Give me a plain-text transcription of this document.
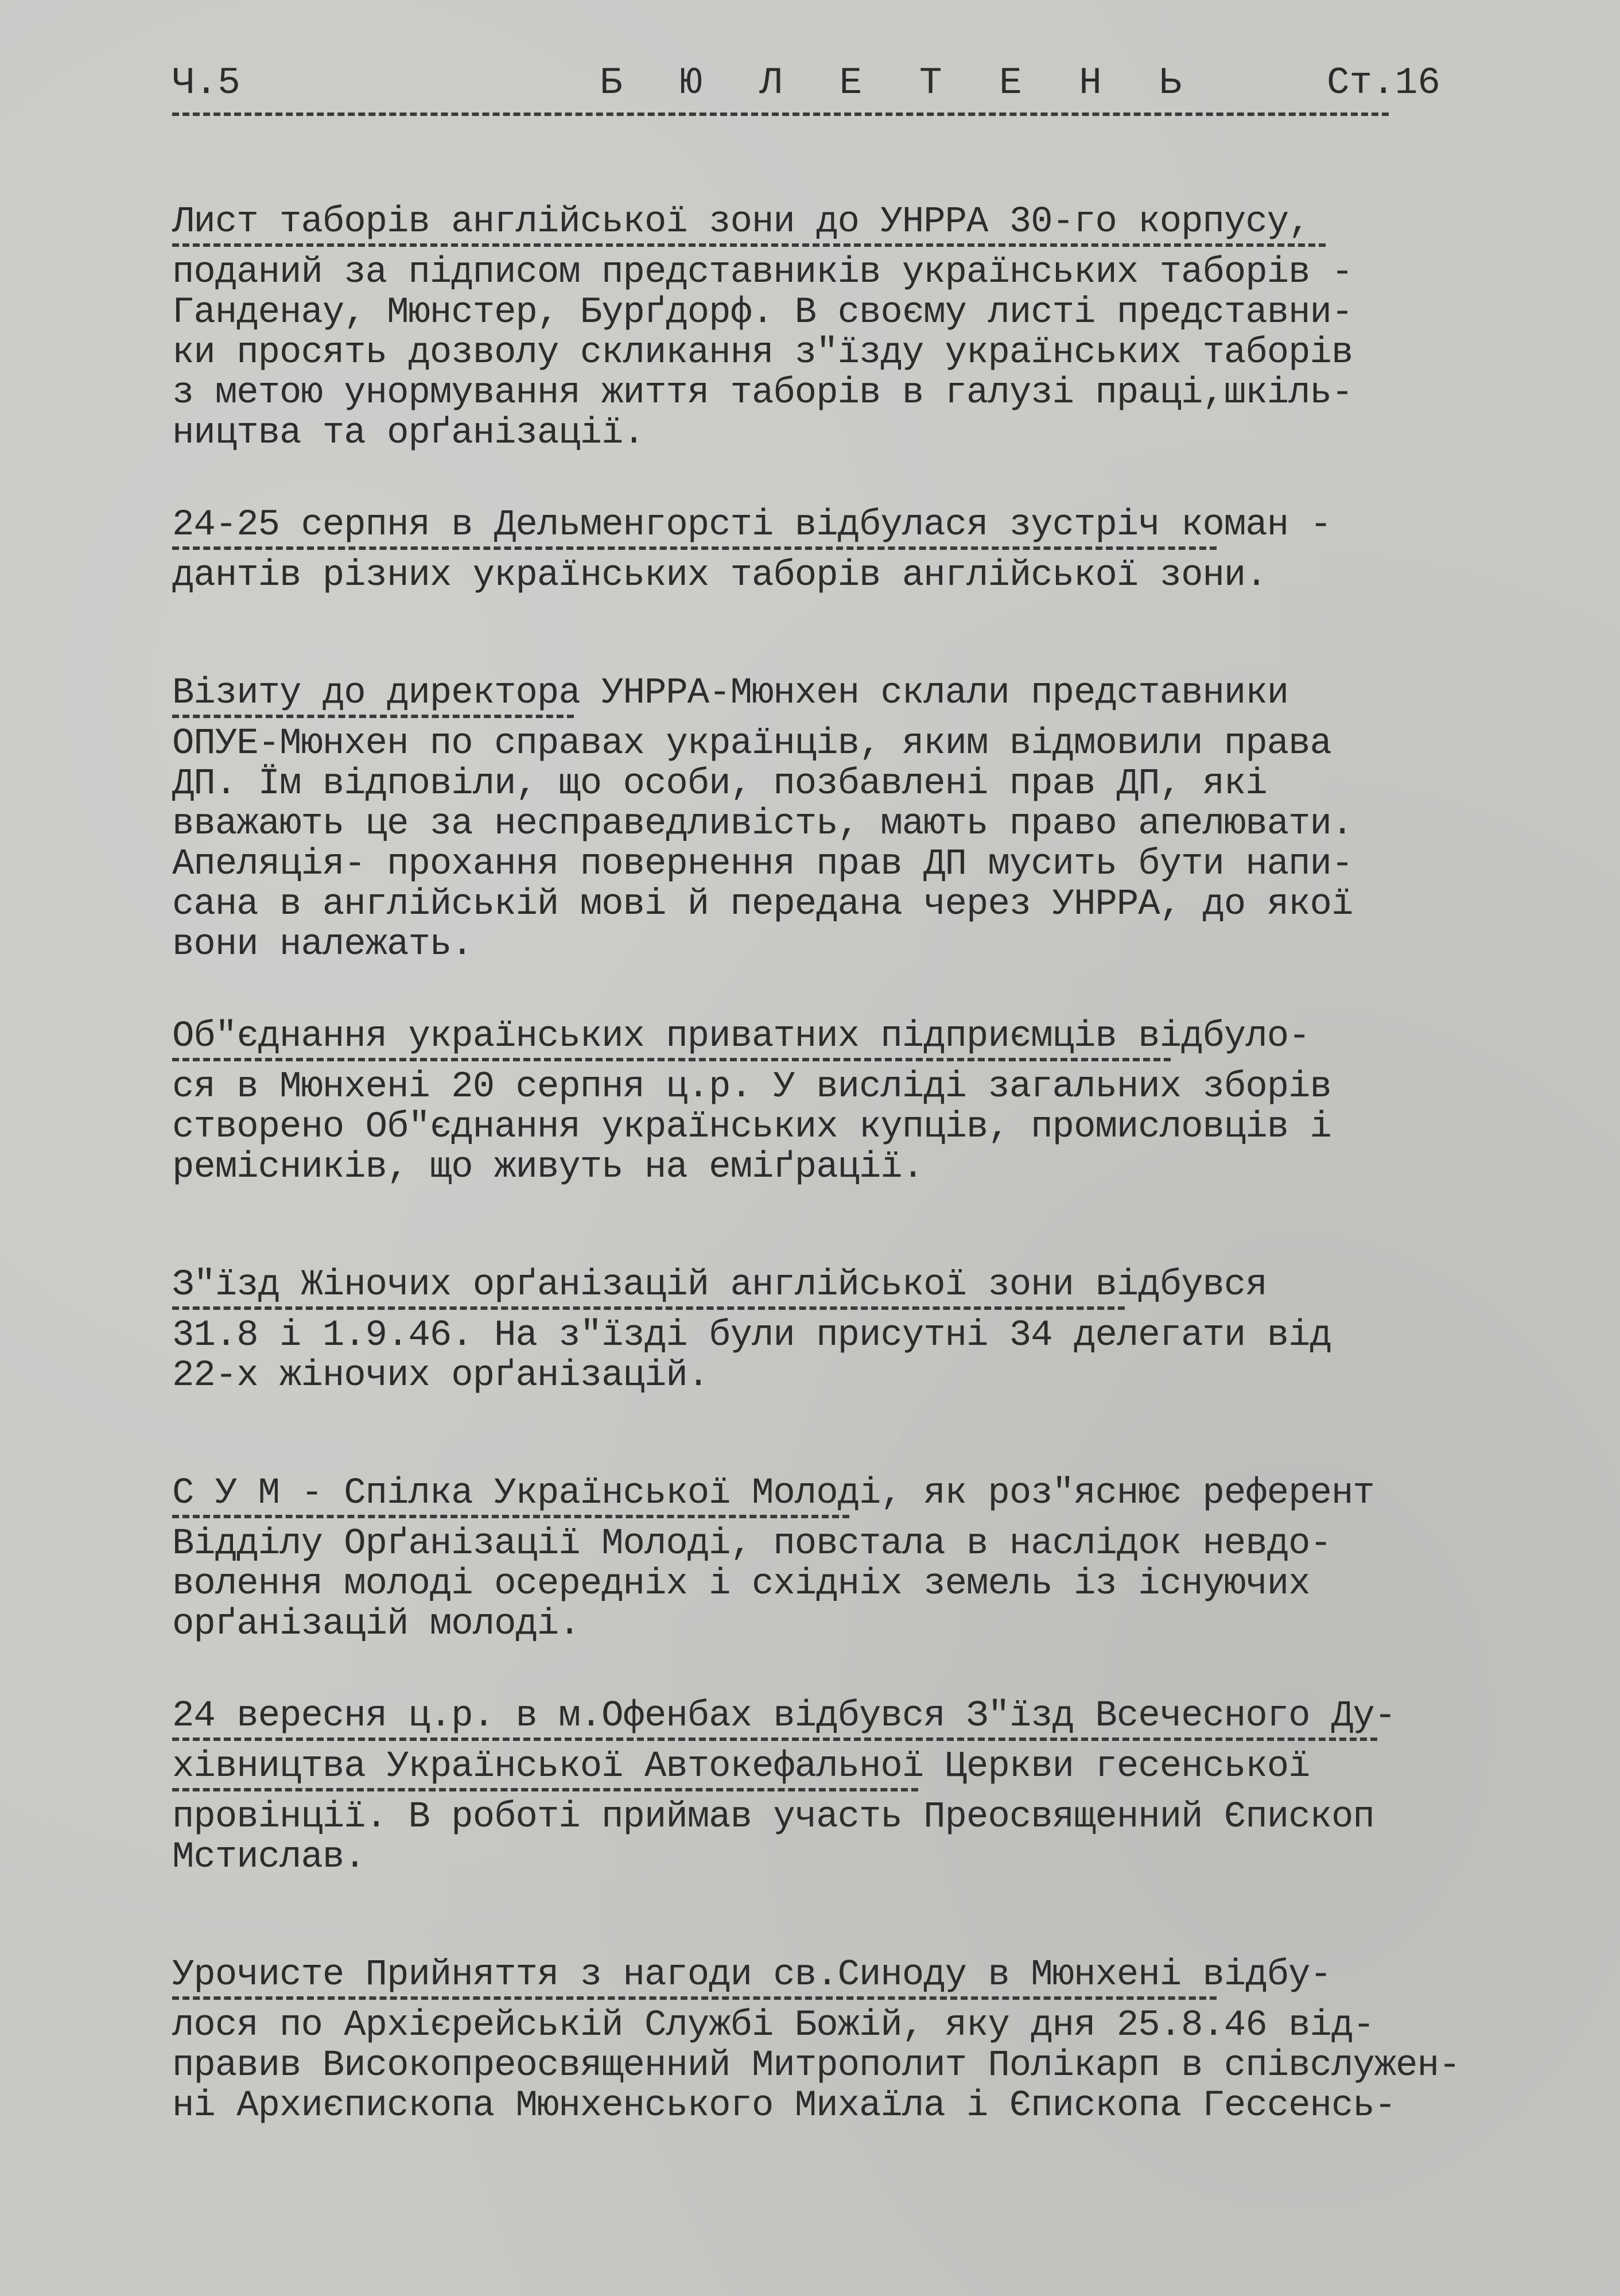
Ч.5	Б Ю Л Е Т Е Н Ь	Ст.16
Лист таборів англійської зони до УНРРА 30-го корпусу,
поданий за підписом представників українських таборів -
Ганденау, Мюнстер, Бурґдорф. В своєму листі представни-
ки просять дозволу скликання з"їзду українських таборів
з метою унормування життя таборів в галузі праці,шкіль-
ництва та орґанізації.
24-25 серпня в Дельменгорсті відбулася зустріч коман -
дантів різних українських таборів англійської зони.
Візиту до директора УНРРА-Мюнхен склали представники
ОПУЕ-Мюнхен по справах українців, яким відмовили права
ДП. Їм відповіли, що особи, позбавлені прав ДП, які
вважають це за несправедливість, мають право апелювати.
Апеляція- прохання повернення прав ДП мусить бути напи-
сана в англійській мові й передана через УНРРА, до якої
вони належать.
Об"єднання українських приватних підприємців відбуло-
ся в Мюнхені 20 серпня ц.р. У висліді загальних зборів
створено Об"єднання українських купців, промисловців і
ремісників, що живуть на еміґрації.
З"їзд Жіночих орґанізацій англійської зони відбувся
31.8 і 1.9.46. На з"їзді були присутні 34 делегати від
22-х жіночих орґанізацій.
С У М - Спілка Української Молоді, як роз"яснює референт
Відділу Орґанізації Молоді, повстала в наслідок невдо-
волення молоді осередніх і східніх земель із існуючих
орґанізацій молоді.
24 вересня ц.р. в м.Офенбах відбувся З"їзд Всечесного Ду-
хівництва Української Автокефальної Церкви гесенської
провінції. В роботі приймав участь Преосвященний Єпископ
Мстислав.
Урочисте Прийняття з нагоди св.Синоду в Мюнхені відбу-
лося по Архієрейській Службі Божій, яку дня 25.8.46 від-
правив Високопреосвященний Митрополит Полікарп в співслужен-
ні Архиєпископа Мюнхенського Михаїла і Єпископа Гессенсь-
